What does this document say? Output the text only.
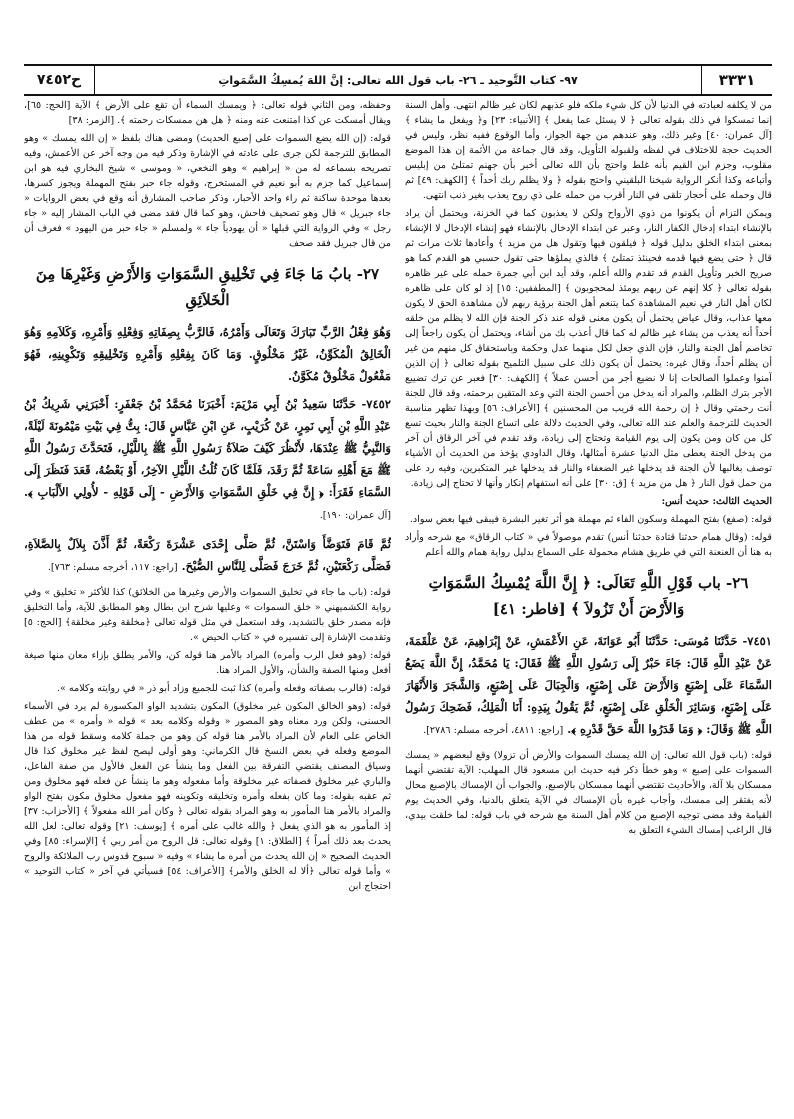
٣٣٣١
٩٧- كتاب التَّوحيد ـ ٢٦- باب قول الله تعالى: إنَّ اللهَ يُمسِكُ السَّمَواتِ
ح٧٤٥٢

من لا يكلفه لعبادته في الدنيا لأن كل شيء ملكه فلو عذبهم لكان غير ظالم انتهى. وأهل السنة إنما تمسكوا في ذلك بقوله تعالى ﴿ لا يسئل عما يفعل ﴾ [الأنبياء: ٢٣] و﴿ ويفعل ما يشاء ﴾ [آل عمران: ٤٠] وغير ذلك، وهو عندهم من جهة الجواز، وأما الوقوع ففيه نظر، وليس في الحديث حجة للاختلاف في لفظه ولقبوله التأويل، وقد قال جماعة من الأئمة إن هذا الموضع مقلوب، وجزم ابن القيم بأنه غلط واحتج بأن الله تعالى أخبر بأن جهنم تمتلئ من إبليس وأتباعه وكذا أنكر الرواية شيخنا البلقيني واحتج بقوله ﴿ ولا يظلم ربك أحداً ﴾ [الكهف: ٤٩] ثم قال وحمله على أحجار تلقى في النار أقرب من حمله على ذي روح يعذب بغير ذنب انتهى.

ويمكن التزام أن يكونوا من ذوي الأرواح ولكن لا يعذبون كما في الخزنة، ويحتمل أن يراد بالإنشاء ابتداء إدخال الكفار النار، وعبر عن ابتداء الإدخال بالإنشاء فهو إنشاء الإدخال لا الإنشاء بمعنى ابتداء الخلق بدليل قوله ﴿ فيلقون فيها وتقول هل من مزيد ﴾ وأعادها ثلاث مرات ثم قال ﴿ حتى يضع فيها قدمه فحينئذ تمتلئ ﴾ فالذي يملؤها حتى تقول حسبي هو القدم كما هو صريح الخبر وتأويل القدم قد تقدم والله أعلم، وقد أيد ابن أبي جمرة حمله على غير ظاهره بقوله تعالى ﴿ كلا إنهم عن ربهم يومئذ لمحجوبون ﴾ [المطففين: ١٥] إذ لو كان على ظاهره لكان أهل النار في نعيم المشاهدة كما يتنعم أهل الجنة برؤية ربهم لأن مشاهدة الحق لا يكون معها عذاب، وقال عياض يحتمل أن يكون معنى قوله عند ذكر الجنة فإن الله لا يظلم من خلقه أحداً أنه يعذب من يشاء غير ظالم له كما قال أعذب بك من أشاء، ويحتمل أن يكون راجعاً إلى تخاصم أهل الجنة والنار، فإن الذي جعل لكل منهما عدل وحكمة وباستحقاق كل منهم من غير أن يظلم أحداً، وقال غيره: يحتمل أن يكون ذلك على سبيل التلميح بقوله تعالى ﴿ إن الذين آمنوا وعملوا الصالحات إنا لا نضيع أجر من أحسن عملاً ﴾ [الكهف: ٣٠] فعبر عن ترك تضييع الأجر بترك الظلم، والمراد أنه يدخل من أحسن الجنة التي وعد المتقين برحمته، وقد قال للجنة أنت رحمتي وقال ﴿ إن رحمة الله قريب من المحسنين ﴾ [الأعراف: ٥٦] وبهذا تظهر مناسبة الحديث للترجمة والعلم عند الله تعالى، وفي الحديث دلالة على اتساع الجنة والنار بحيث تسع كل من كان ومن يكون إلى يوم القيامة وتحتاج إلى زيادة، وقد تقدم في آخر الرقاق أن آخر من يدخل الجنة يعطى مثل الدنيا عشرة أمثالها، وقال الداودي يؤخذ من الحديث أن الأشياء توصف بغالبها لأن الجنة قد يدخلها غير الضعفاء والنار قد يدخلها غير المتكبرين، وفيه رد على من حمل قول النار ﴿ هل من مزيد ﴾ [ق: ٣٠] على أنه استفهام إنكار وأنها لا تحتاج إلى زيادة.

الحديث الثالث: حديث أنس:

قوله: (صفع) بفتح المهملة وسكون الفاء ثم مهملة هو أثر تغير البشرة فيبقى فيها بعض سواد.

قوله: (وقال همام حدثنا قتادة حدثنا أنس) تقدم موصولاً في « كتاب الرقاق» مع شرحه وأراد به هنا أن العنعنة التي في طريق هشام محمولة على السماع بدليل رواية همام والله أعلم

٢٦- باب قَوْلِ اللَّهِ تَعَالَى: ﴿ إِنَّ اللَّهَ يُمْسِكُ السَّمَوَاتِ وَالأَرْضَ أَنْ تَزُولاَ ﴾ [فاطر: ٤١]
٧٤٥١- حَدَّثَنَا مُوسَى: حَدَّثَنَا أَبُو عَوَانَةَ، عَنِ الأَعْمَشِ، عَنْ إِبْرَاهِيمَ، عَنْ عَلْقَمَةَ، عَنْ عَبْدِ اللَّهِ قَالَ: جَاءَ حَبْرٌ إِلَى رَسُولِ اللَّهِ ﷺ فَقَالَ: يَا مُحَمَّدُ، إِنَّ اللَّهَ يَضَعُ السَّمَاءَ عَلَى إِصْبَعٍ وَالأَرْضَ عَلَى إِصْبَعٍ، وَالْجِبَالَ عَلَى إِصْبَعٍ، وَالشَّجَرَ وَالأَنْهَارَ عَلَى إِصْبَعٍ، وَسَائِرَ الْخَلْقِ عَلَى إِصْبَعٍ، ثُمَّ يَقُولُ بِيَدِهِ: أَنَا الْمَلِكُ، فَضَحِكَ رَسُولُ اللَّهِ ﷺ وَقَالَ: ﴿ وَمَا قَدَرُوا اللَّهَ حَقَّ قَدْرِهِ ﴾. [راجع: ٤٨١١، أخرجه مسلم: ٢٧٨٦].

قوله: (باب قول الله تعالى: إن الله يمسك السموات والأرض أن تزولا) وقع لبعضهم « يمسك السموات على إصبع » وهو خطأ ذكر فيه حديث ابن مسعود قال المهلب: الآية تقتضي أنهما ممسكان بلا آلة، والأحاديث تقتضي أنهما ممسكان بالإصبع، والجواب أن الإمساك بالإصبع محال لأنه يفتقر إلى ممسك، وأجاب غيره بأن الإمساك في الآية يتعلق بالدنيا، وفي الحديث يوم القيامة وقد مضى توجيه الإصبع من كلام أهل السنة مع شرحه في باب قوله: لما خلقت بيدي، قال الراغب إمساك الشيء التعلق به

وحفظه، ومن الثاني قوله تعالى: ﴿ ويمسك السماء أن تقع على الأرض ﴾ الآية [الحج: ٦٥]، ويقال أمسكت عن كذا امتنعت عنه ومنه ﴿ هل هن ممسكات رحمته ﴾. [الزمر: ٣٨]

قوله: (إن الله يضع السموات على إصبع الحديث) ومضى هناك بلفظ « إن الله يمسك » وهو المطابق للترجمة لكن جرى على عادته في الإشارة وذكر فيه من وجه آخر عن الأعمش، وفيه تصريحه بسماعه له من « إبراهيم » وهو النخعي، « وموسى » شيخ البخاري فيه هو ابن إسماعيل كما جزم به أبو نعيم في المستخرج، وقوله جاء حبر بفتح المهملة ويجوز كسرها، بعدها موحدة ساكنة ثم راء واحد الأحبار، وذكر صاحب المشارق أنه وقع في بعض الروايات « جاء جبريل » قال وهو تصحيف فاحش، وهو كما قال فقد مضى في الباب المشار إليه « جاء رجل » وفي الرواية التي قبلها « أن يهودياً جاء » ولمسلم « جاء حبر من اليهود » فعرف أن من قال جبريل فقد صحف

٢٧- بابُ مَا جَاءَ فِي تَخْلِيقِ السَّمَوَاتِ وَالأَرْضِ وَغَيْرِهَا مِنَ الْخَلاَئِقِ
وَهُوَ فِعْلُ الرَّبِّ تَبَارَكَ وَتَعَالَى وَأَمْرُهُ، فَالرَّبُّ بِصِفَاتِهِ وَفِعْلِهِ وَأَمْرِهِ، وَكَلاَمِهِ وَهُوَ الْخَالِقُ الْمُكَوِّنُ، غَيْرُ مَخْلُوقٍ. وَمَا كَانَ بِفِعْلِهِ وَأَمْرِهِ وَتَخْلِيقِهِ وَتَكْوِينِهِ، فَهُوَ مَفْعُولٌ مَخْلُوقٌ مُكَوَّنٌ.
٧٤٥٢- حَدَّثَنَا سَعِيدُ بْنُ أَبِي مَرْيَمَ: أَخْبَرَنَا مُحَمَّدُ بْنُ جَعْفَرٍ: أَخْبَرَنِي شَرِيكُ بْنُ عَبْدِ اللَّهِ بْنِ أَبِي نَمِرٍ، عَنْ كُرَيْبٍ، عَنِ ابْنِ عَبَّاسٍ قَالَ: بِتُّ فِي بَيْتِ مَيْمُونَةَ لَيْلَةً، وَالنَّبِيُّ ﷺ عِنْدَهَا، لأَنْظُرَ كَيْفَ صَلاَةُ رَسُولِ اللَّهِ ﷺ بِاللَّيْلِ، فَتَحَدَّثَ رَسُولُ اللَّهِ ﷺ مَعَ أَهْلِهِ سَاعَةً ثُمَّ رَقَدَ، فَلَمَّا كَانَ ثُلُثُ اللَّيْلِ الآخِرُ، أَوْ بَعْضُهُ، قَعَدَ فَنَظَرَ إِلَى السَّمَاءِ فَقَرَأَ: ﴿ إِنَّ فِي خَلْقِ السَّمَوَاتِ وَالأَرْضِ - إِلَى قَوْلِهِ - لأُولِي الأَلْبَابِ ﴾. [آل عمران: ١٩٠].
ثُمَّ قَامَ فَتَوَضَّأَ وَاسْتَنَّ، ثُمَّ صَلَّى إِحْدَى عَشْرَةَ رَكْعَةً، ثُمَّ أَذَّنَ بِلاَلٌ بِالصَّلاَةِ، فَصَلَّى رَكْعَتَيْنِ، ثُمَّ خَرَجَ فَصَلَّى لِلنَّاسِ الصُّبْحَ. [راجع: ١١٧، أخرجه مسلم: ٧٦٣].

قوله: (باب ما جاء في تخليق السموات والأرض وغيرها من الخلائق) كذا للأكثر « تخليق » وفي رواية الكشميهني « خلق السموات » وعليها شرح ابن بطال وهو المطابق للآية، وأما التخليق فإنه مصدر خلق بالتشديد، وقد استعمل في مثل قوله تعالى ﴿مخلقة وغير مخلقة﴾ [الحج: ٥] وتقدمت الإشارة إلى تفسيره في « كتاب الحيض ».

قوله: (وهو فعل الرب وأمره) المراد بالأمر هنا قوله كن، والأمر يطلق بإزاء معان منها صيغة أفعل ومنها الصفة والشأن، والأول المراد هنا.

قوله: (فالرب بصفاته وفعله وأمره) كذا ثبت للجميع وزاد أبو ذر « في روايته وكلامه ».

قوله: (وهو الخالق المكون غير مخلوق) المكون بتشديد الواو المكسورة لم يرد في الأسماء الحسنى، ولكن ورد معناه وهو المصور « وقوله وكلامه بعد » قوله « وأمره » من عطف الخاص على العام لأن المراد بالأمر هنا قوله كن وهو من جملة كلامه وسقط قوله من هذا الموضع وفعله في بعض النسخ قال الكرماني: وهو أولى ليصح لفظ غير مخلوق كذا قال وسياق المصنف يقتضي التفرقة بين الفعل وما ينشأ عن الفعل فالأول من صفة الفاعل، والباري غير مخلوق فصفاته غير مخلوقة وأما مفعوله وهو ما ينشأ عن فعله فهو مخلوق ومن ثم عقبه بقوله: وما كان بفعله وأمره وتخليقه وتكوينه فهو مفعول مخلوق مكون بفتح الواو والمراد بالأمر هنا المأمور به وهو المراد بقوله تعالى ﴿ وكان أمر الله مفعولاً ﴾ [الأحزاب: ٣٧] إذ المأمور به هو الذي يفعل ﴿ والله غالب على أمره ﴾ [يوسف: ٢١] وقوله تعالى: لعل الله يحدث بعد ذلك أمراً ﴾ [الطلاق: ١] وقوله تعالى: قل الروح من أمر ربي ﴾ [الإسراء: ٨٥] وفي الحديث الصحيح « إن الله يحدث من أمره ما يشاء » وفيه « سبوح قدوس رب الملائكة والروح » وأما قوله تعالى ﴿ألا له الخلق والأمر﴾ [الأعراف: ٥٤] فسيأتي في آخر « كتاب التوحيد » احتجاج ابن
